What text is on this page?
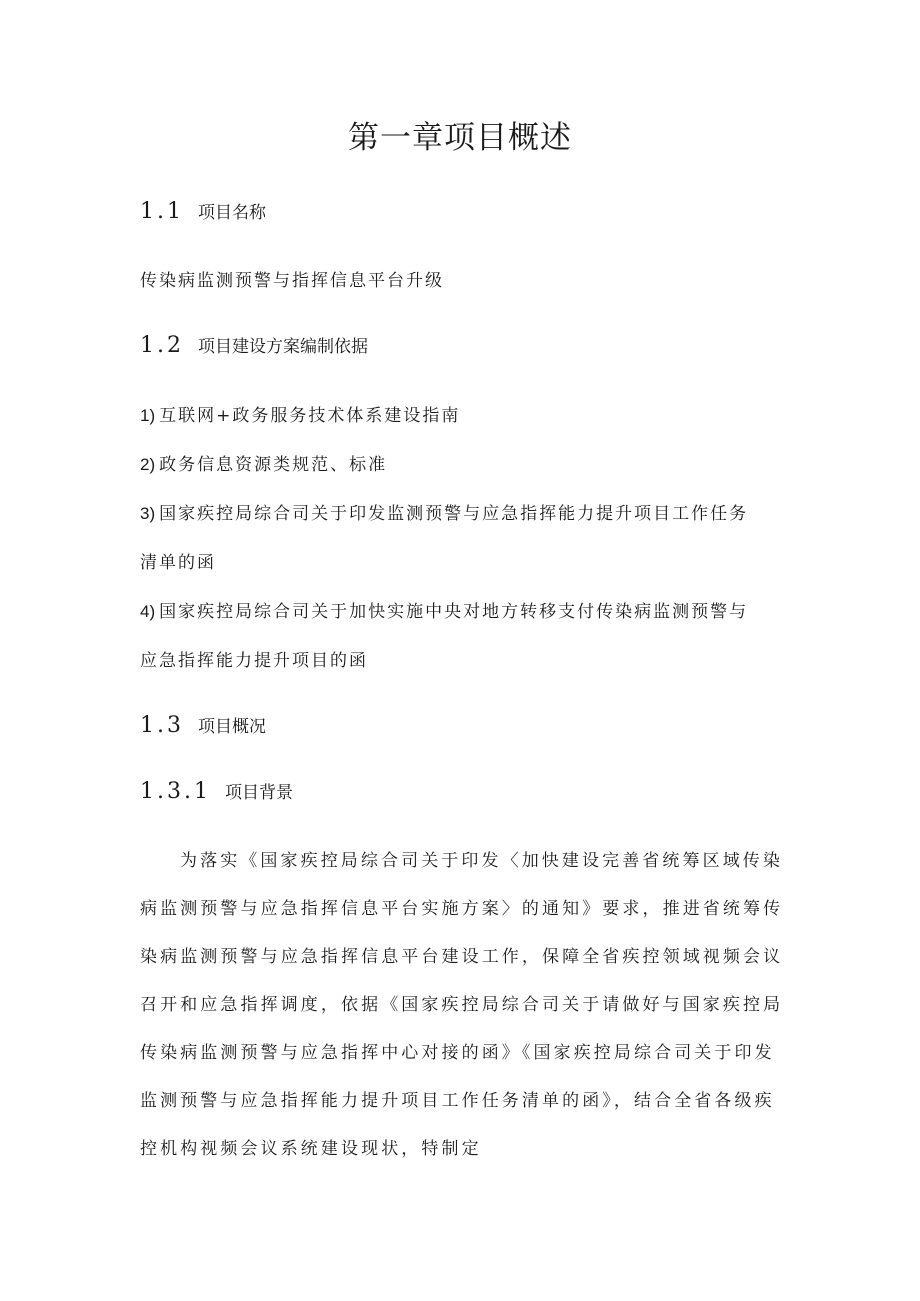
第一章项目概述
1.1 项目名称

传染病监测预警与指挥信息平台升级

1.2 项目建设方案编制依据

1) 互联网+政务服务技术体系建设指南

2) 政务信息资源类规范、标准

3) 国家疾控局综合司关于印发监测预警与应急指挥能力提升项目工作任务

清单的函

4) 国家疾控局综合司关于加快实施中央对地方转移支付传染病监测预警与

应急指挥能力提升项目的函

1.3 项目概况
1.3.1 项目背景

为落实《国家疾控局综合司关于印发〈加快建设完善省统筹区域传染

病监测预警与应急指挥信息平台实施方案〉的通知》要求，推进省统筹传

染病监测预警与应急指挥信息平台建设工作，保障全省疾控领域视频会议

召开和应急指挥调度，依据《国家疾控局综合司关于请做好与国家疾控局

传染病监测预警与应急指挥中心对接的函》《国家疾控局综合司关于印发

监测预警与应急指挥能力提升项目工作任务清单的函》，结合全省各级疾

控机构视频会议系统建设现状，特制定
